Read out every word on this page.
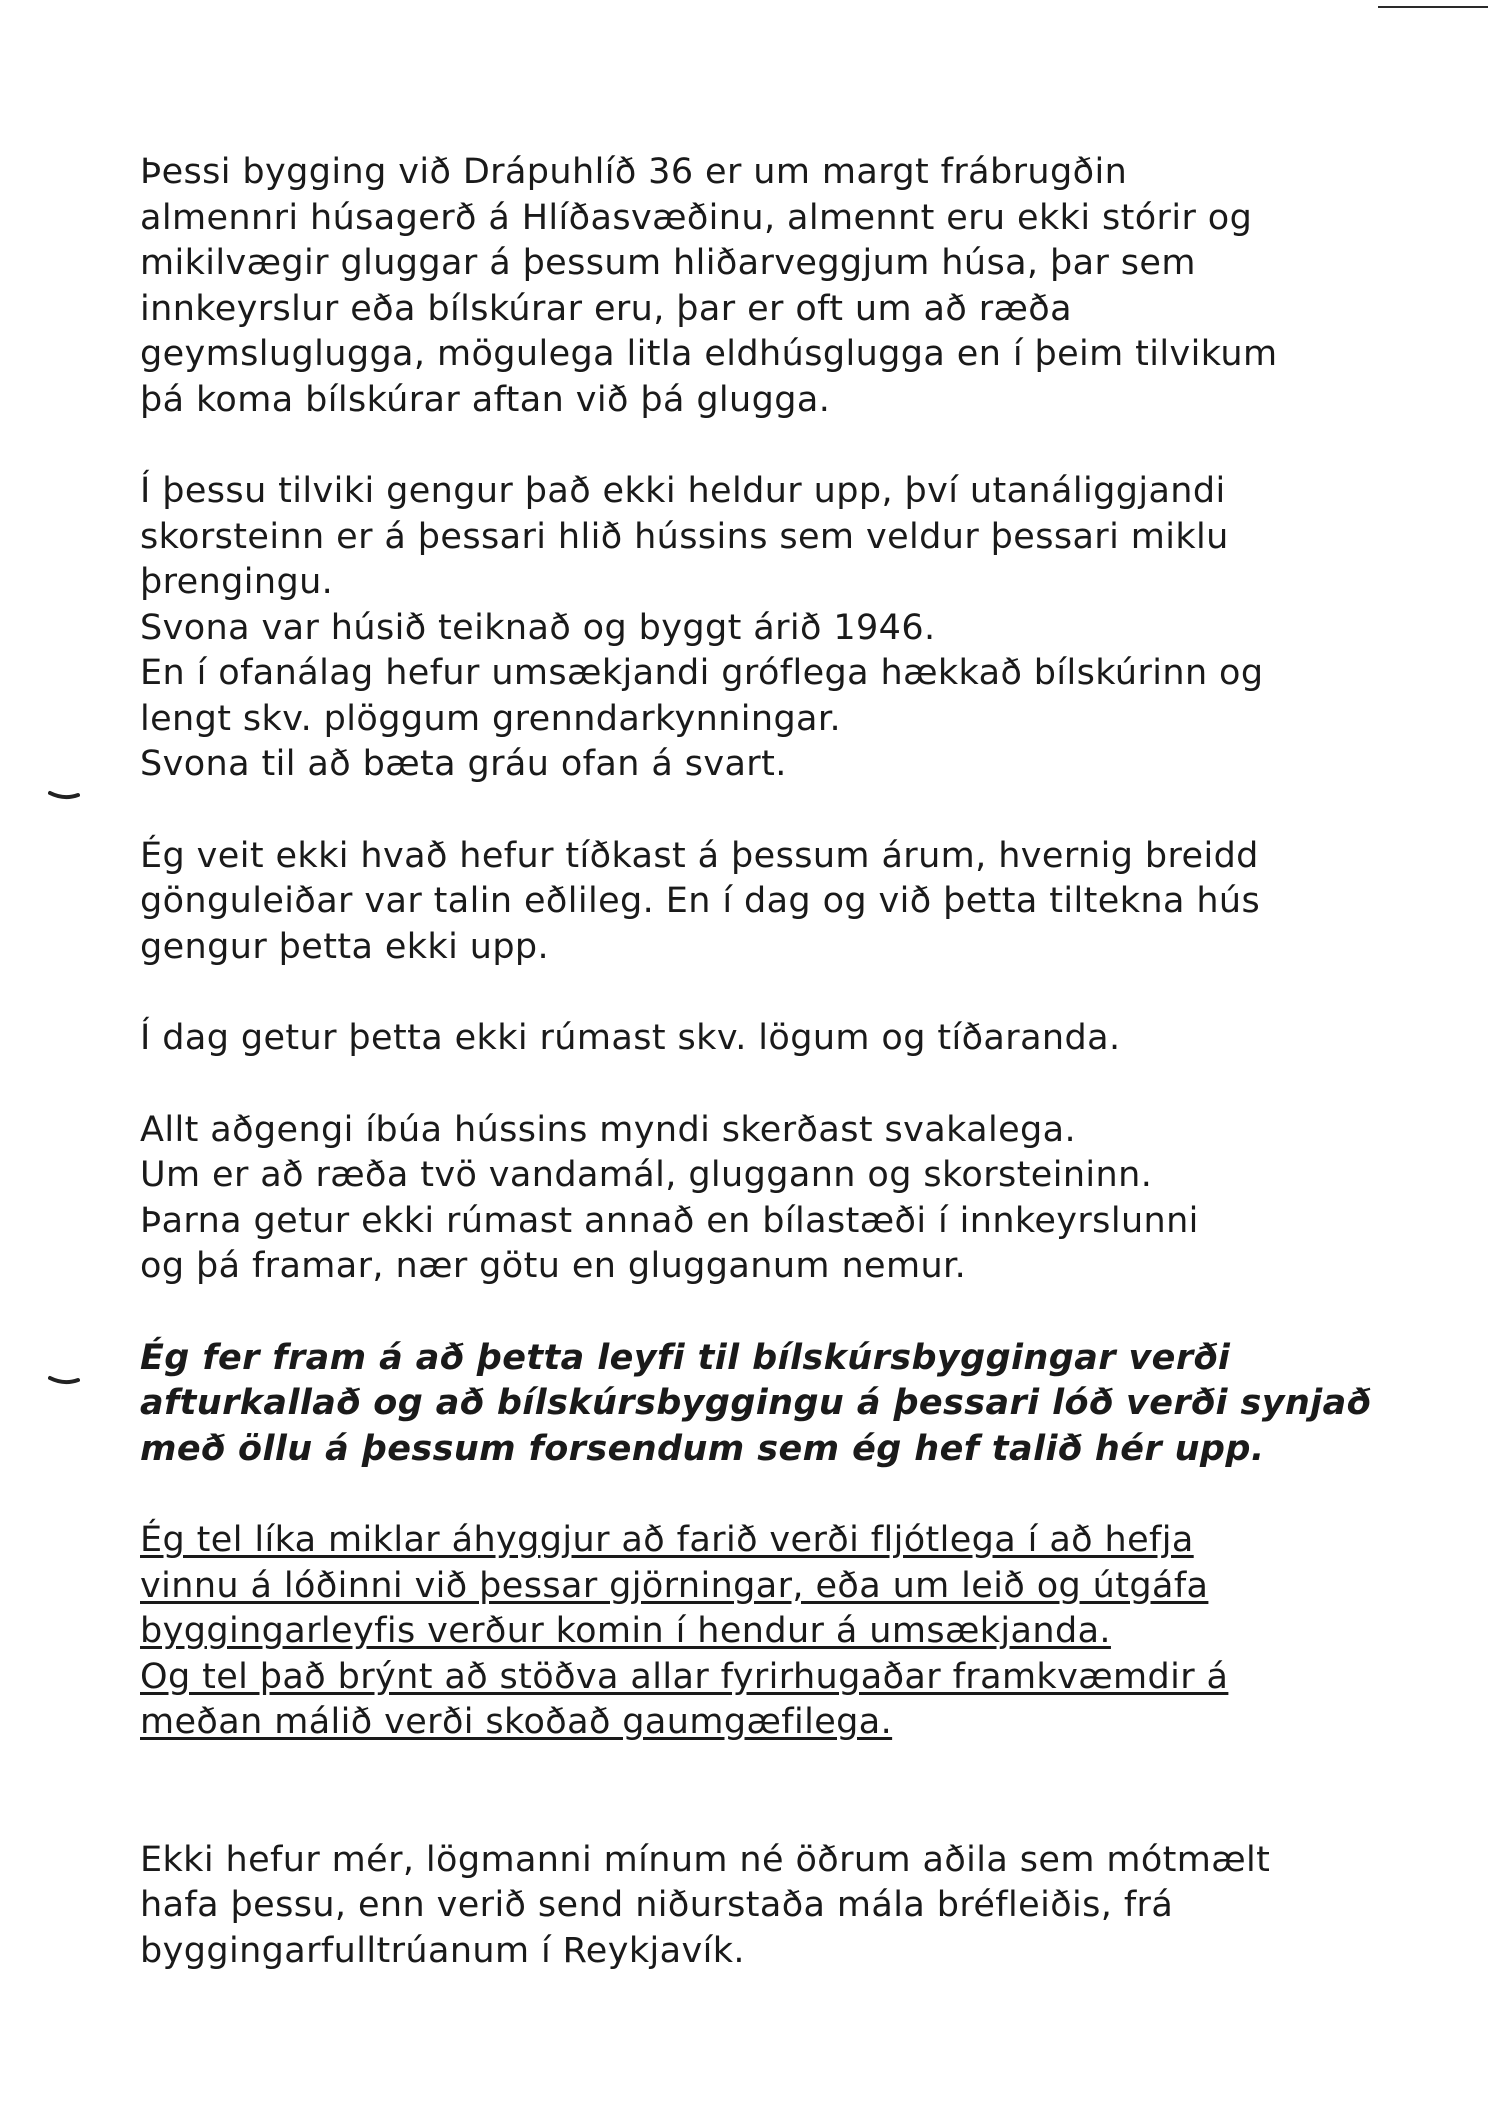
Þessi bygging við Drápuhlíð 36 er um margt frábrugðin
almennri húsagerð á Hlíðasvæðinu, almennt eru ekki stórir og
mikilvægir gluggar á þessum hliðarveggjum húsa, þar sem
innkeyrslur eða bílskúrar eru, þar er oft um að ræða
geymsluglugga, mögulega litla eldhúsglugga en í þeim tilvikum
þá koma bílskúrar aftan við þá glugga.

Í þessu tilviki gengur það ekki heldur upp, því utanáliggjandi
skorsteinn er á þessari hlið hússins sem veldur þessari miklu
þrengingu.
Svona var húsið teiknað og byggt árið 1946.
En í ofanálag hefur umsækjandi gróflega hækkað bílskúrinn og
lengt skv. plöggum grenndarkynningar.
Svona til að bæta gráu ofan á svart.

Ég veit ekki hvað hefur tíðkast á þessum árum, hvernig breidd
gönguleiðar var talin eðlileg. En í dag og við þetta tiltekna hús
gengur þetta ekki upp.

Í dag getur þetta ekki rúmast skv. lögum og tíðaranda.

Allt aðgengi íbúa hússins myndi skerðast svakalega.
Um er að ræða tvö vandamál, gluggann og skorsteininn.
Þarna getur ekki rúmast annað en bílastæði í innkeyrslunni
og þá framar, nær götu en glugganum nemur.

Ég fer fram á að þetta leyfi til bílskúrsbyggingar verði
afturkallað og að bílskúrsbyggingu á þessari lóð verði synjað
með öllu á þessum forsendum sem ég hef talið hér upp.

Ég tel líka miklar áhyggjur að farið verði fljótlega í að hefja
vinnu á lóðinni við þessar gjörningar, eða um leið og útgáfa
byggingarleyfis verður komin í hendur á umsækjanda.
Og tel það brýnt að stöðva allar fyrirhugaðar framkvæmdir á
meðan málið verði skoðað gaumgæfilega.

Ekki hefur mér, lögmanni mínum né öðrum aðila sem mótmælt
hafa þessu, enn verið send niðurstaða mála bréfleiðis, frá
byggingarfulltrúanum í Reykjavík.
